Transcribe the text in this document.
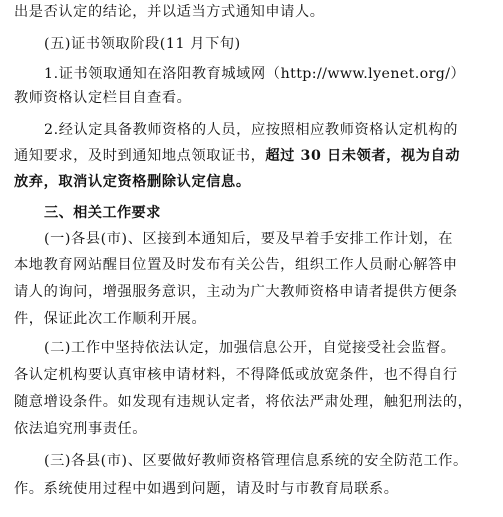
出是否认定的结论，并以适当方式通知申请人。
(五)证书领取阶段(11 月下旬)
1.证书领取通知在洛阳教育城域网（http://www.lyenet.org/）
教师资格认定栏目自查看。
2.经认定具备教师资格的人员，应按照相应教师资格认定机构的
通知要求，及时到通知地点领取证书，超过 30 日未领者，视为自动
放弃，取消认定资格删除认定信息。
三、相关工作要求
(一)各县(市)、区接到本通知后，要及早着手安排工作计划，在
本地教育网站醒目位置及时发布有关公告，组织工作人员耐心解答申
请人的询问，增强服务意识，主动为广大教师资格申请者提供方便条
件，保证此次工作顺利开展。
(二)工作中坚持依法认定，加强信息公开，自觉接受社会监督。
各认定机构要认真审核申请材料，不得降低或放宽条件，也不得自行
随意增设条件。如发现有违规认定者，将依法严肃处理，触犯刑法的，
依法追究刑事责任。
(三)各县(市)、区要做好教师资格管理信息系统的安全防范工作。
作。系统使用过程中如遇到问题，请及时与市教育局联系。
